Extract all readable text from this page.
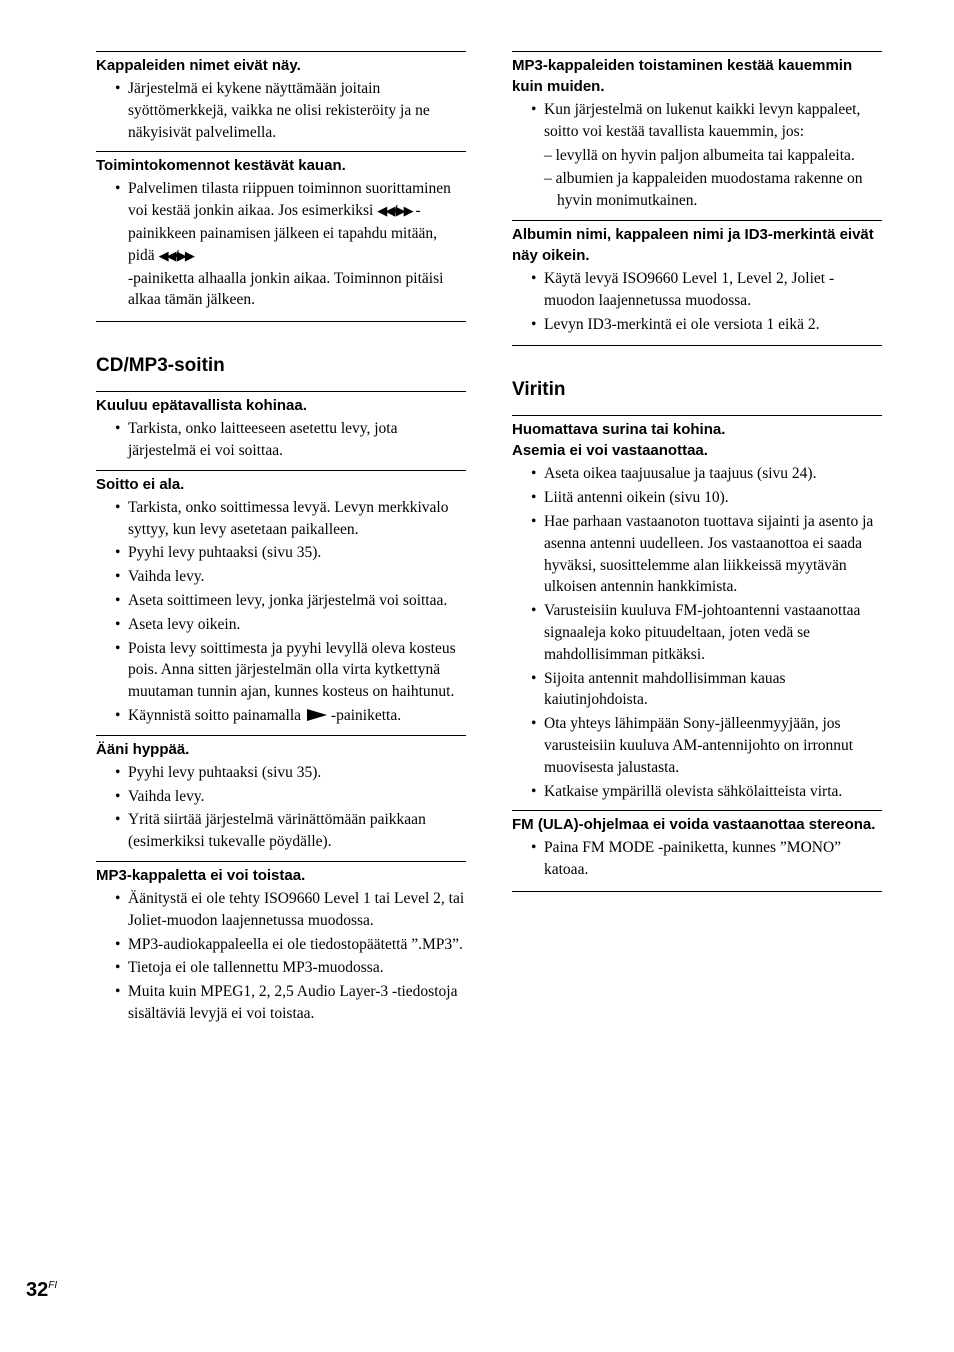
Kappaleiden nimet eivät näy.
• Järjestelmä ei kykene näyttämään joitain syöttömerkkejä, vaikka ne olisi rekisteröity ja ne näkyisivät palvelimella.
Toimintokomennot kestävät kauan.
• Palvelimen tilasta riippuen toiminnon suorittaminen voi kestää jonkin aikaa. Jos esimerkiksi ◀◀/▶▶ -painikkeen painamisen jälkeen ei tapahdu mitään, pidä ◀◀/▶▶
-painiketta alhaalla jonkin aikaa. Toiminnon pitäisi alkaa tämän jälkeen.
CD/MP3-soitin
Kuuluu epätavallista kohinaa.
• Tarkista, onko laitteeseen asetettu levy, jota järjestelmä ei voi soittaa.
Soitto ei ala.
• Tarkista, onko soittimessa levyä. Levyn merkkivalo syttyy, kun levy asetetaan paikalleen.
• Pyyhi levy puhtaaksi (sivu 35).
• Vaihda levy.
• Aseta soittimeen levy, jonka järjestelmä voi soittaa.
• Aseta levy oikein.
• Poista levy soittimesta ja pyyhi levyllä oleva kosteus pois. Anna sitten järjestelmän olla virta kytkettynä muutaman tunnin ajan, kunnes kosteus on haihtunut.
• Käynnistä soitto painamalla -painiketta.
Ääni hyppää.
• Pyyhi levy puhtaaksi (sivu 35).
• Vaihda levy.
• Yritä siirtää järjestelmä värinättömään paikkaan (esimerkiksi tukevalle pöydälle).
MP3-kappaletta ei voi toistaa.
• Äänitystä ei ole tehty ISO9660 Level 1 tai Level 2, tai Joliet-muodon laajennetussa muodossa.
• MP3-audiokappaleella ei ole tiedostopäätettä ”.MP3”.
• Tietoja ei ole tallennettu MP3-muodossa.
• Muita kuin MPEG1, 2, 2,5 Audio Layer-3 -tiedostoja sisältäviä levyjä ei voi toistaa.
MP3-kappaleiden toistaminen kestää kauemmin kuin muiden.
• Kun järjestelmä on lukenut kaikki levyn kappaleet, soitto voi kestää tavallista kauemmin, jos:
– levyllä on hyvin paljon albumeita tai kappaleita.
– albumien ja kappaleiden muodostama rakenne on hyvin monimutkainen.
Albumin nimi, kappaleen nimi ja ID3-merkintä eivät näy oikein.
• Käytä levyä ISO9660 Level 1, Level 2, Joliet -muodon laajennetussa muodossa.
• Levyn ID3-merkintä ei ole versiota 1 eikä 2.
Viritin
Huomattava surina tai kohina.
Asemia ei voi vastaanottaa.
• Aseta oikea taajuusalue ja taajuus (sivu 24).
• Liitä antenni oikein (sivu 10).
• Hae parhaan vastaanoton tuottava sijainti ja asento ja asenna antenni uudelleen. Jos vastaanottoa ei saada hyväksi, suosittelemme alan liikkeissä myytävän ulkoisen antennin hankkimista.
• Varusteisiin kuuluva FM-johtoantenni vastaanottaa signaaleja koko pituudeltaan, joten vedä se mahdollisimman pitkäksi.
• Sijoita antennit mahdollisimman kauas kaiutinjohdoista.
• Ota yhteys lähimpään Sony-jälleenmyyjään, jos varusteisiin kuuluva AM-antennijohto on irronnut muovisesta jalustasta.
• Katkaise ympärillä olevista sähkölaitteista virta.
FM (ULA)-ohjelmaa ei voida vastaanottaa stereona.
• Paina FM MODE -painiketta, kunnes ”MONO” katoaa.
$32^{FI}$
